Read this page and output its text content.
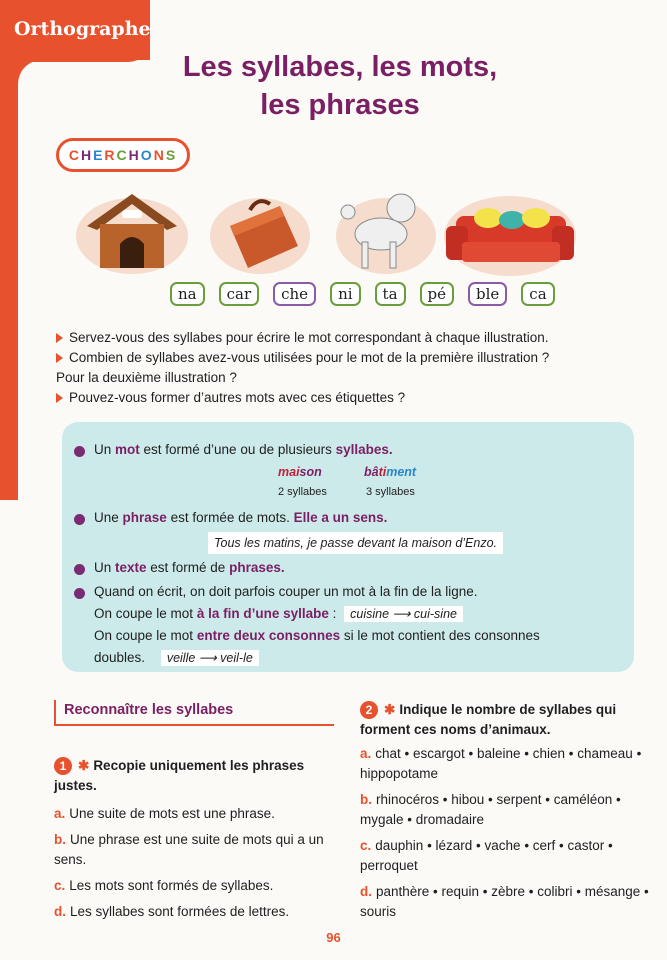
Orthographe
Les syllabes, les mots,
les phrases
C H E R C H O N S
na	car	che	ni	ta	pé	ble	ca

Servez-vous des syllabes pour écrire le mot correspondant à chaque illustration.

Combien de syllabes avez-vous utilisées pour le mot de la première illustration ?

Pour la deuxième illustration ?

Pouvez-vous former d’autres mots avec ces étiquettes ?

Un mot est formé d’une ou de plusieurs syllabes.
maison
2 syllabes
bâtiment
3 syllabes
Une phrase est formée de mots. Elle a un sens.
Tous les matins, je passe devant la maison d’Enzo.
Un texte est formé de phrases.
Quand on écrit, on doit parfois couper un mot à la fin de la ligne.
On coupe le mot à la fin d’une syllabe : cuisine ⟶ cui-sine
On coupe le mot entre deux consonnes si le mot contient des consonnes
doubles. veille ⟶ veil-le
Reconnaître les syllabes
1 ✱ Recopie uniquement les phrases justes.

a. Une suite de mots est une phrase.

b. Une phrase est une suite de mots qui a un sens.

c. Les mots sont formés de syllabes.

d. Les syllabes sont formées de lettres.

2 ✱ Indique le nombre de syllabes qui forment ces noms d’animaux.

a. chat • escargot • baleine • chien • chameau • hippopotame

b. rhinocéros • hibou • serpent • caméléon • mygale • dromadaire

c. dauphin • lézard • vache • cerf • castor • perroquet

d. panthère • requin • zèbre • colibri • mésange • souris

96
